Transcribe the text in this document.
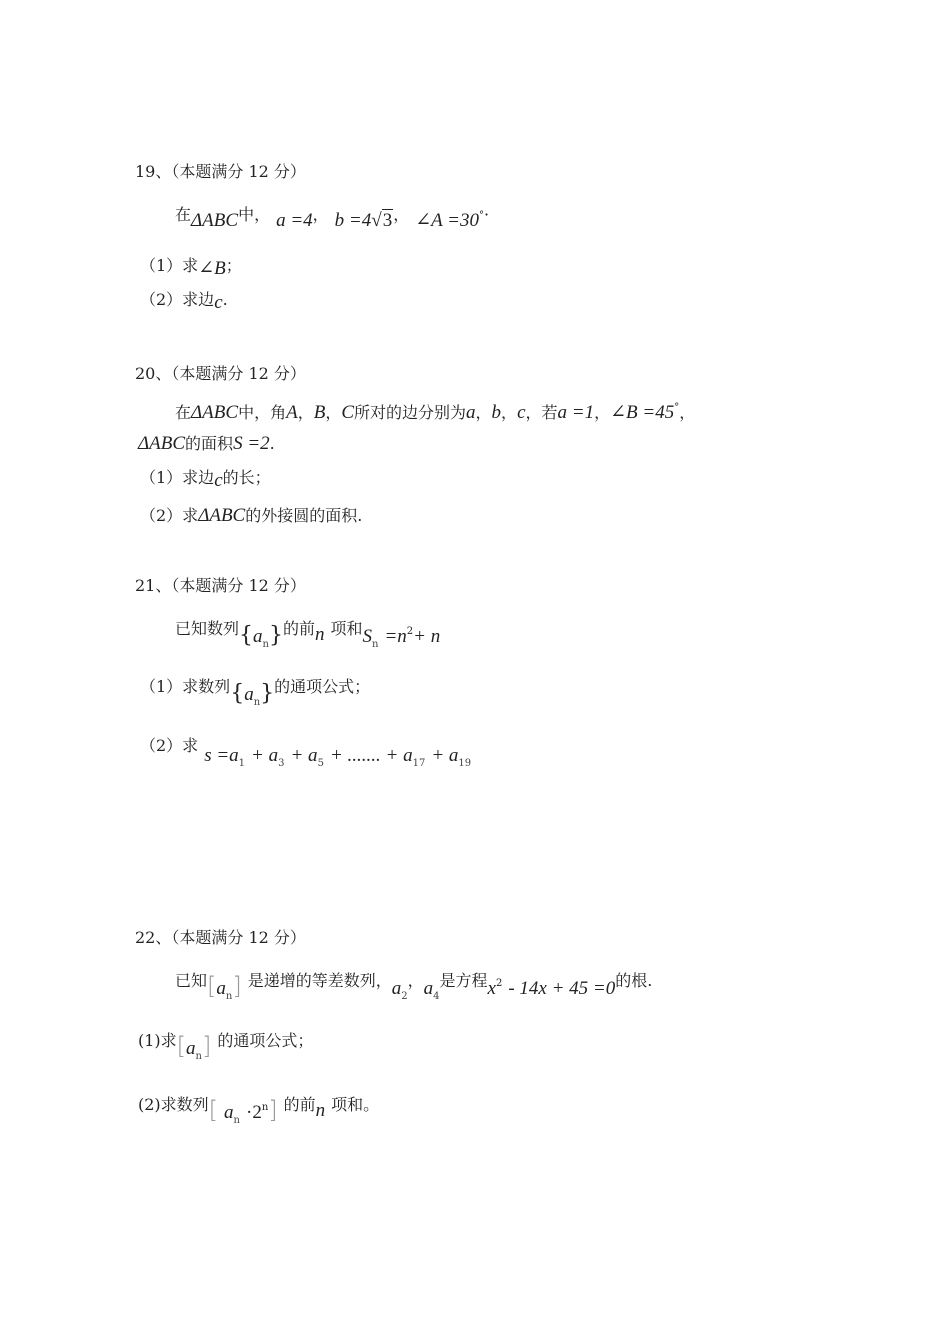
19、（本题满分 12 分）
在ΔABC中， a =4， b =4√3， ∠A =30°·
（1）求∠B；
（2）求边c.
20、（本题满分 12 分）
在ΔABC中，角A，B，C所对的边分别为a，b，c，若a =1，∠B =45°，
ΔABC的面积S =2.
（1）求边c的长；
（2）求ΔABC的外接圆的面积.
21、（本题满分 12 分）
已知数列$\{a_n\}$的前n 项和$S_n =n^2+ n$
（1）求数列$\{a_n\}$的通项公式；
（2）求 $s =a_1 + a_3 + a_5$ + ....... + $a_{17} + a_{19}$
22、（本题满分 12 分）
已知$[a_n]$ 是递增的等差数列，$a_2$，$a_4$是方程$x^2 - 14x + 45 =0$的根.
(1)求$[a_n]$ 的通项公式；
(2)求数列[ $a_n \cdot 2^n$] 的前n 项和。
